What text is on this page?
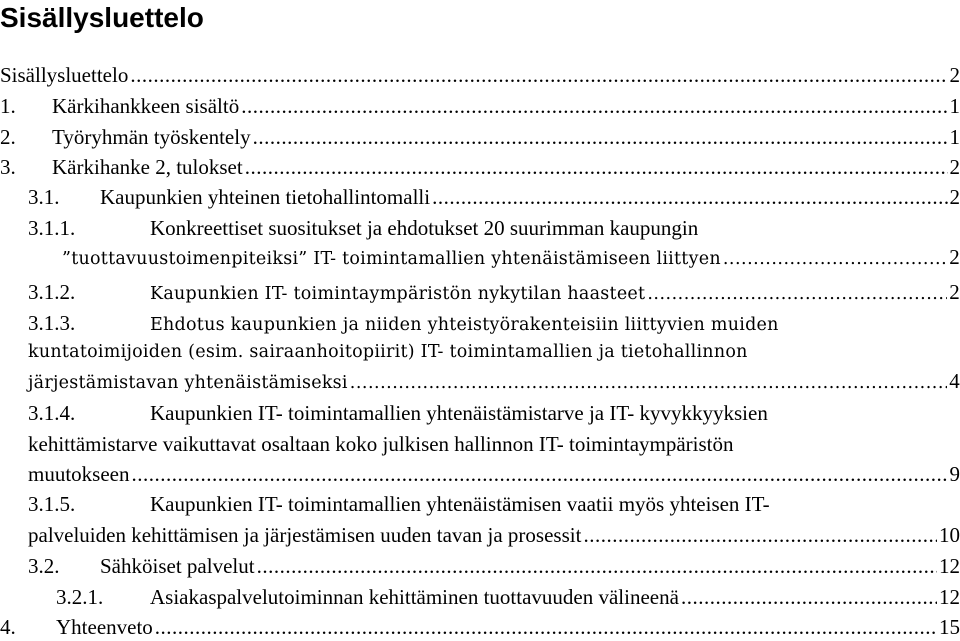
Sisällysluettelo
Sisällysluettelo .....	2
1.	Kärkihankkeen sisältö .....	1
2.	Työryhmän työskentely .....	1
3.	Kärkihanke 2, tulokset .....	2
3.1.	Kaupunkien yhteinen tietohallintomalli .....	2
3.1.1.	Konkreettiset suositukset ja ehdotukset 20 suurimman kaupungin
”tuottavuustoimenpiteiksi” IT- toimintamallien yhtenäistämiseen liittyen .....	2
3.1.2.	Kaupunkien IT- toimintaympäristön nykytilan haasteet .....	2
3.1.3.	Ehdotus kaupunkien ja niiden yhteistyörakenteisiin liittyvien muiden
kuntatoimijoiden (esim. sairaanhoitopiirit) IT- toimintamallien ja tietohallinnon
järjestämistavan yhtenäistämiseksi .....	4
3.1.4.	Kaupunkien IT- toimintamallien yhtenäistämistarve ja IT- kyvykkyyksien
kehittämistarve vaikuttavat osaltaan koko julkisen hallinnon IT- toimintaympäristön
muutokseen .....	9
3.1.5.	Kaupunkien IT- toimintamallien yhtenäistämisen vaatii myös yhteisen IT-
palveluiden kehittämisen ja järjestämisen uuden tavan ja prosessit .....	10
3.2.	Sähköiset palvelut .....	12
3.2.1.	Asiakaspalvelutoiminnan kehittäminen tuottavuuden välineenä .....	12
4.	Yhteenveto .....	15
